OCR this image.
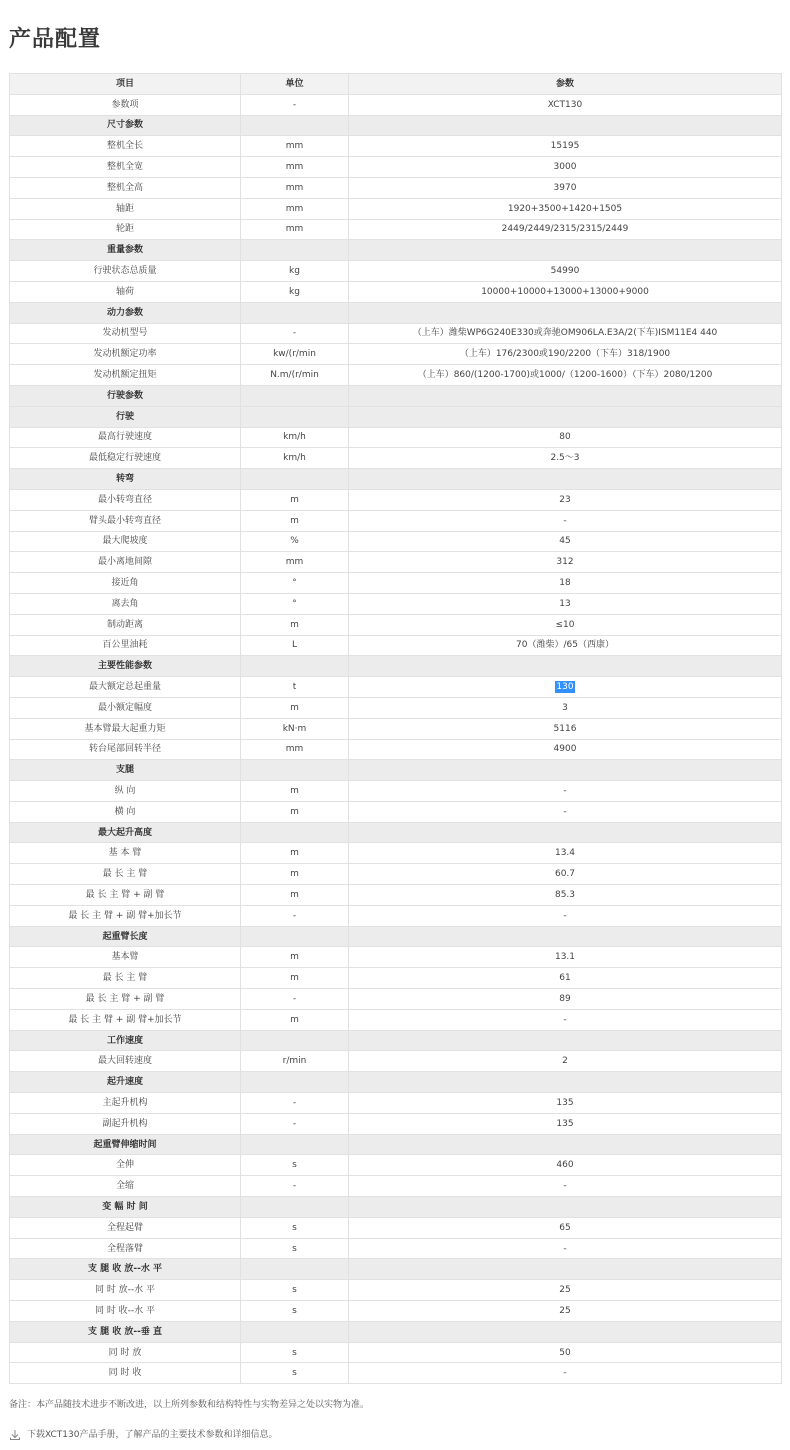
产品配置
项目	单位	参数
参数项	-	XCT130
尺寸参数		
整机全长	mm	15195
整机全宽	mm	3000
整机全高	mm	3970
轴距	mm	1920+3500+1420+1505
轮距	mm	2449/2449/2315/2315/2449
重量参数		
行驶状态总质量	kg	54990
轴荷	kg	10000+10000+13000+13000+9000
动力参数		
发动机型号	-	（上车）潍柴WP6G240E330或奔驰OM906LA.E3A/2(下车)ISM11E4 440
发动机额定功率	kw/(r/min	（上车）176/2300或190/2200（下车）318/1900
发动机额定扭矩	N.m/(r/min	（上车）860/(1200-1700)或1000/（1200-1600）（下车）2080/1200
行驶参数		
行驶		
最高行驶速度	km/h	80
最低稳定行驶速度	km/h	2.5～3
转弯		
最小转弯直径	m	23
臂头最小转弯直径	m	-
最大爬坡度	%	45
最小离地间隙	mm	312
接近角	°	18
离去角	°	13
制动距离	m	≤10
百公里油耗	L	70（潍柴）/65（西康）
主要性能参数		
最大额定总起重量	t	130
最小额定幅度	m	3
基本臂最大起重力矩	kN·m	5116
转台尾部回转半径	mm	4900
支腿		
纵 向	m	-
横 向	m	-
最大起升高度		
基 本 臂	m	13.4
最 长 主 臂	m	60.7
最 长 主 臂 + 副 臂	m	85.3
最 长 主 臂 + 副 臂+加长节	-	-
起重臂长度		
基本臂	m	13.1
最 长 主 臂	m	61
最 长 主 臂 + 副 臂	-	89
最 长 主 臂 + 副 臂+加长节	m	-
工作速度		
最大回转速度	r/min	2
起升速度		
主起升机构	-	135
副起升机构	-	135
起重臂伸缩时间		
全伸	s	460
全缩	-	-
变 幅 时 间		
全程起臂	s	65
全程落臂	s	-
支 腿 收 放--水 平		
同 时 放--水 平	s	25
同 时 收--水 平	s	25
支 腿 收 放--垂 直		
同 时 放	s	50
同 时 收	s	-

备注：本产品随技术进步不断改进，以上所列参数和结构特性与实物差异之处以实物为准。

下载XCT130产品手册，了解产品的主要技术参数和详细信息。
